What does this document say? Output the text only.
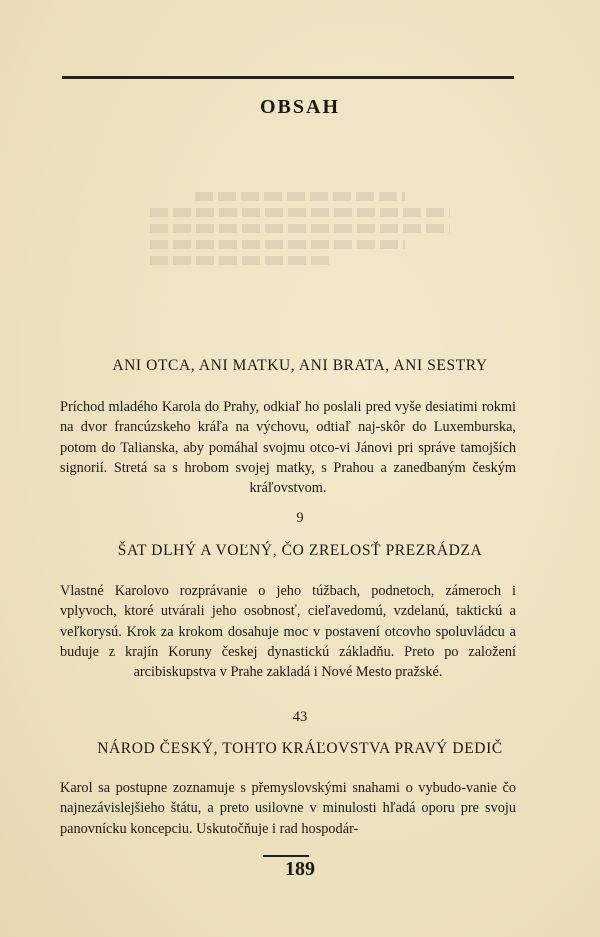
OBSAH
ANI OTCA, ANI MATKU, ANI BRATA, ANI SESTRY

Príchod mladého Karola do Prahy, odkiaľ ho poslali pred vyše desiatimi rokmi na dvor francúzskeho kráľa na výchovu, odtiaľ naj-skôr do Luxemburska, potom do Talianska, aby pomáhal svojmu otco-vi Jánovi pri správe tamojších signorií. Stretá sa s hrobom svojej matky, s Prahou a zanedbaným českým kráľovstvom.

9
ŠAT DLHÝ A VOĽNÝ, ČO ZRELOSŤ PREZRÁDZA

Vlastné Karolovo rozprávanie o jeho túžbach, podnetoch, zámeroch i vplyvoch, ktoré utvárali jeho osobnosť, cieľavedomú, vzdelanú, taktickú a veľkorysú. Krok za krokom dosahuje moc v postavení otcovho spoluvládcu a buduje z krajín Koruny českej dynastickú základňu. Preto po založení arcibiskupstva v Prahe zakladá i Nové Mesto pražské.

43
NÁROD ČESKÝ, TOHTO KRÁĽOVSTVA PRAVÝ DEDIČ

Karol sa postupne zoznamuje s přemyslovskými snahami o vybudo-vanie čo najnezávislejšieho štátu, a preto usilovne v minulosti hľadá oporu pre svoju panovnícku koncepciu. Uskutočňuje i rad hospodár-

189
